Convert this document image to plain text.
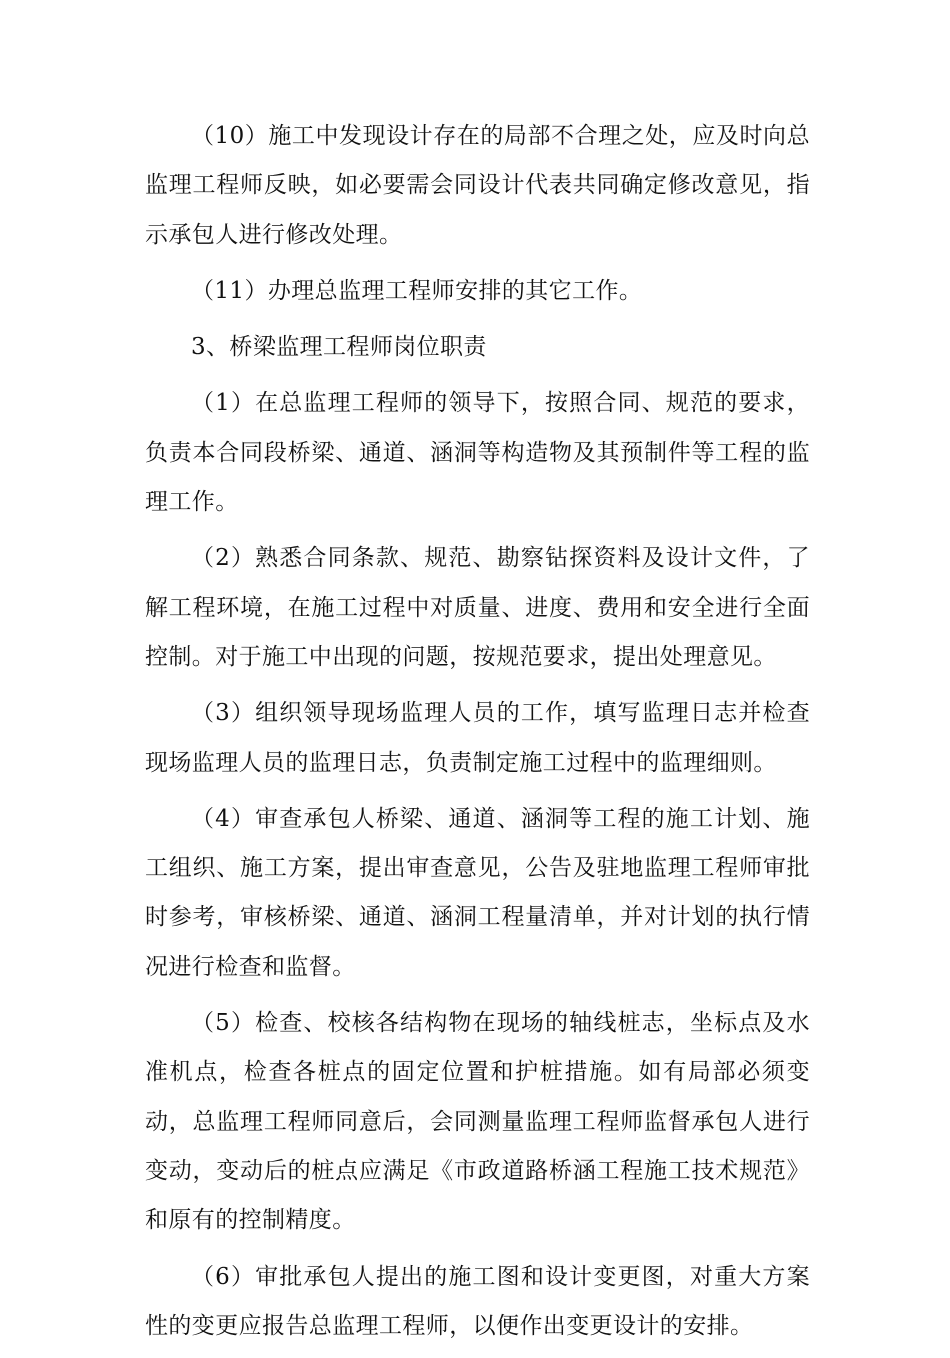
（10）施工中发现设计存在的局部不合理之处，应及时向总监理工程师反映，如必要需会同设计代表共同确定修改意见，指示承包人进行修改处理。

（11）办理总监理工程师安排的其它工作。

3、桥梁监理工程师岗位职责

（1）在总监理工程师的领导下，按照合同、规范的要求，负责本合同段桥梁、通道、涵洞等构造物及其预制件等工程的监理工作。

（2）熟悉合同条款、规范、勘察钻探资料及设计文件，了解工程环境，在施工过程中对质量、进度、费用和安全进行全面控制。对于施工中出现的问题，按规范要求，提出处理意见。

（3）组织领导现场监理人员的工作，填写监理日志并检查现场监理人员的监理日志，负责制定施工过程中的监理细则。

（4）审查承包人桥梁、通道、涵洞等工程的施工计划、施工组织、施工方案，提出审查意见，公告及驻地监理工程师审批时参考，审核桥梁、通道、涵洞工程量清单，并对计划的执行情况进行检查和监督。

（5）检查、校核各结构物在现场的轴线桩志，坐标点及水准机点，检查各桩点的固定位置和护桩措施。如有局部必须变动，总监理工程师同意后，会同测量监理工程师监督承包人进行变动，变动后的桩点应满足《市政道路桥涵工程施工技术规范》和原有的控制精度。

（6）审批承包人提出的施工图和设计变更图，对重大方案性的变更应报告总监理工程师，以便作出变更设计的安排。
